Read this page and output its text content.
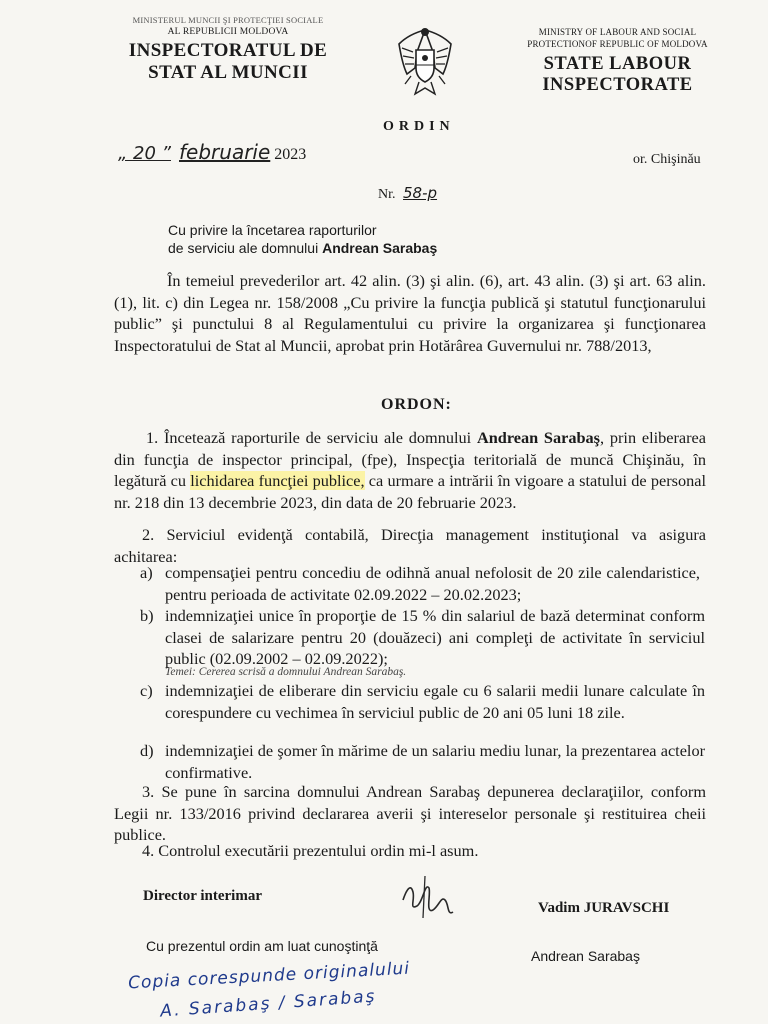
MINISTERUL MUNCII ŞI PROTECŢIEI SOCIALE
AL REPUBLICII MOLDOVA
INSPECTORATUL DE
STAT AL MUNCII
MINISTRY OF LABOUR AND SOCIAL
PROTECTIONOF REPUBLIC OF MOLDOVA
STATE LABOUR
INSPECTORATE
ORDIN
„ 20 ” februarie 2023	or. Chişinău
Nr. 58-p
Cu privire la încetarea raporturilor
de serviciu ale domnului Andrean Sarabaş
În temeiul prevederilor art. 42 alin. (3) şi alin. (6), art. 43 alin. (3) şi art. 63 alin. (1), lit. c) din Legea nr. 158/2008 „Cu privire la funcţia publică şi statutul funcţionarului public” şi punctului 8 al Regulamentului cu privire la organizarea şi funcţionarea Inspectoratului de Stat al Muncii, aprobat prin Hotărârea Guvernului nr. 788/2013,
ORDON:
1. Încetează raporturile de serviciu ale domnului Andrean Sarabaş, prin eliberarea din funcţia de inspector principal, (fpe), Inspecţia teritorială de muncă Chişinău, în legătură cu lichidarea funcţiei publice, ca urmare a intrării în vigoare a statului de personal nr. 218 din 13 decembrie 2023, din data de 20 februarie 2023.
2. Serviciul evidenţă contabilă, Direcţia management instituţional va asigura achitarea:
a) compensaţiei pentru concediu de odihnă anual nefolosit de 20 zile calendaristice, pentru perioada de activitate 02.09.2022 – 20.02.2023;
b) indemnizaţiei unice în proporţie de 15 % din salariul de bază determinat conform clasei de salarizare pentru 20 (douăzeci) ani compleţi de activitate în serviciul public (02.09.2002 – 02.09.2022);
Temei: Cererea scrisă a domnului Andrean Sarabaş.
c) indemnizaţiei de eliberare din serviciu egale cu 6 salarii medii lunare calculate în corespundere cu vechimea în serviciul public de 20 ani 05 luni 18 zile.
d) indemnizaţiei de şomer în mărime de un salariu mediu lunar, la prezentarea actelor confirmative.
3. Se pune în sarcina domnului Andrean Sarabaş depunerea declaraţiilor, conform Legii nr. 133/2016 privind declararea averii şi intereselor personale şi restituirea cheii publice.
4. Controlul executării prezentului ordin mi-l asum.
Director interimar
Vadim JURAVSCHI
Cu prezentul ordin am luat cunoştinţă
Andrean Sarabaş
Copia corespunde originalului
A. Sarabaş / Sarabaş
